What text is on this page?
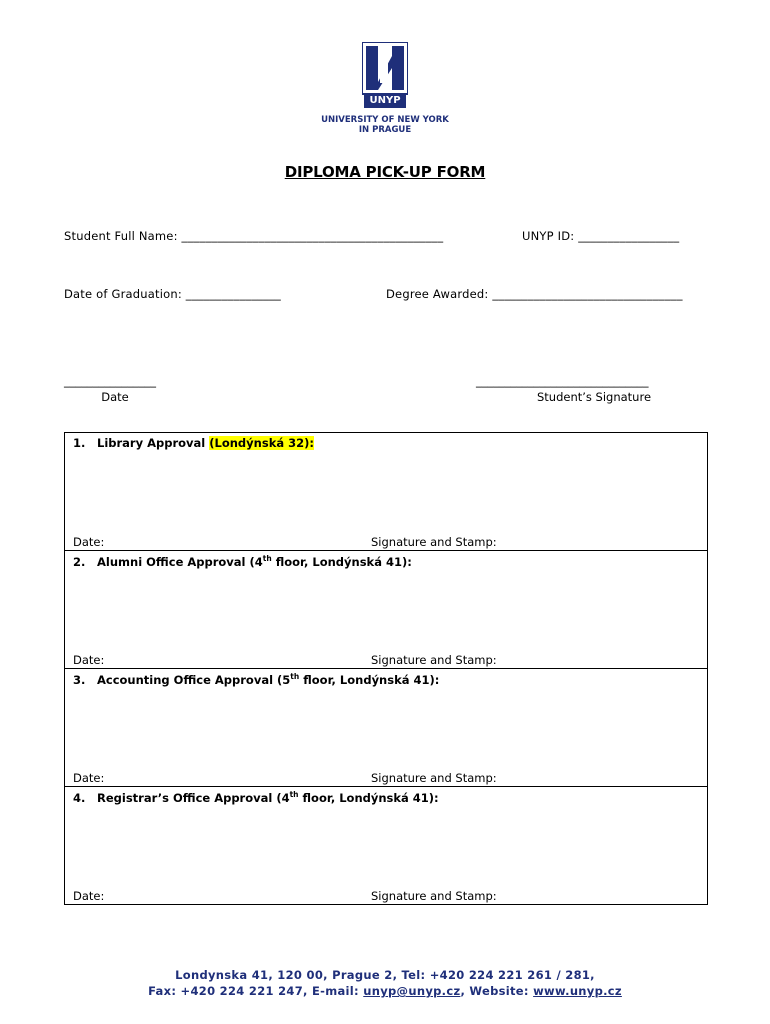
UNYP
UNIVERSITY OF NEW YORK
IN PRAGUE
DIPLOMA PICK-UP FORM
Student Full Name: ____________________________________________	UNYP ID: _________________
Date of Graduation: ________________	Degree Awarded: ________________________________
________________
Date
______________________________
Student’s Signature
1. Library Approval (Londýnská 32):
Date:	Signature and Stamp:
2. Alumni Office Approval (4th floor, Londýnská 41):
Date:	Signature and Stamp:
3. Accounting Office Approval (5th floor, Londýnská 41):
Date:	Signature and Stamp:
4. Registrar’s Office Approval (4th floor, Londýnská 41):
Date:	Signature and Stamp:
Londynska 41, 120 00, Prague 2, Tel: +420 224 221 261 / 281,
Fax: +420 224 221 247, E-mail: unyp@unyp.cz, Website: www.unyp.cz
